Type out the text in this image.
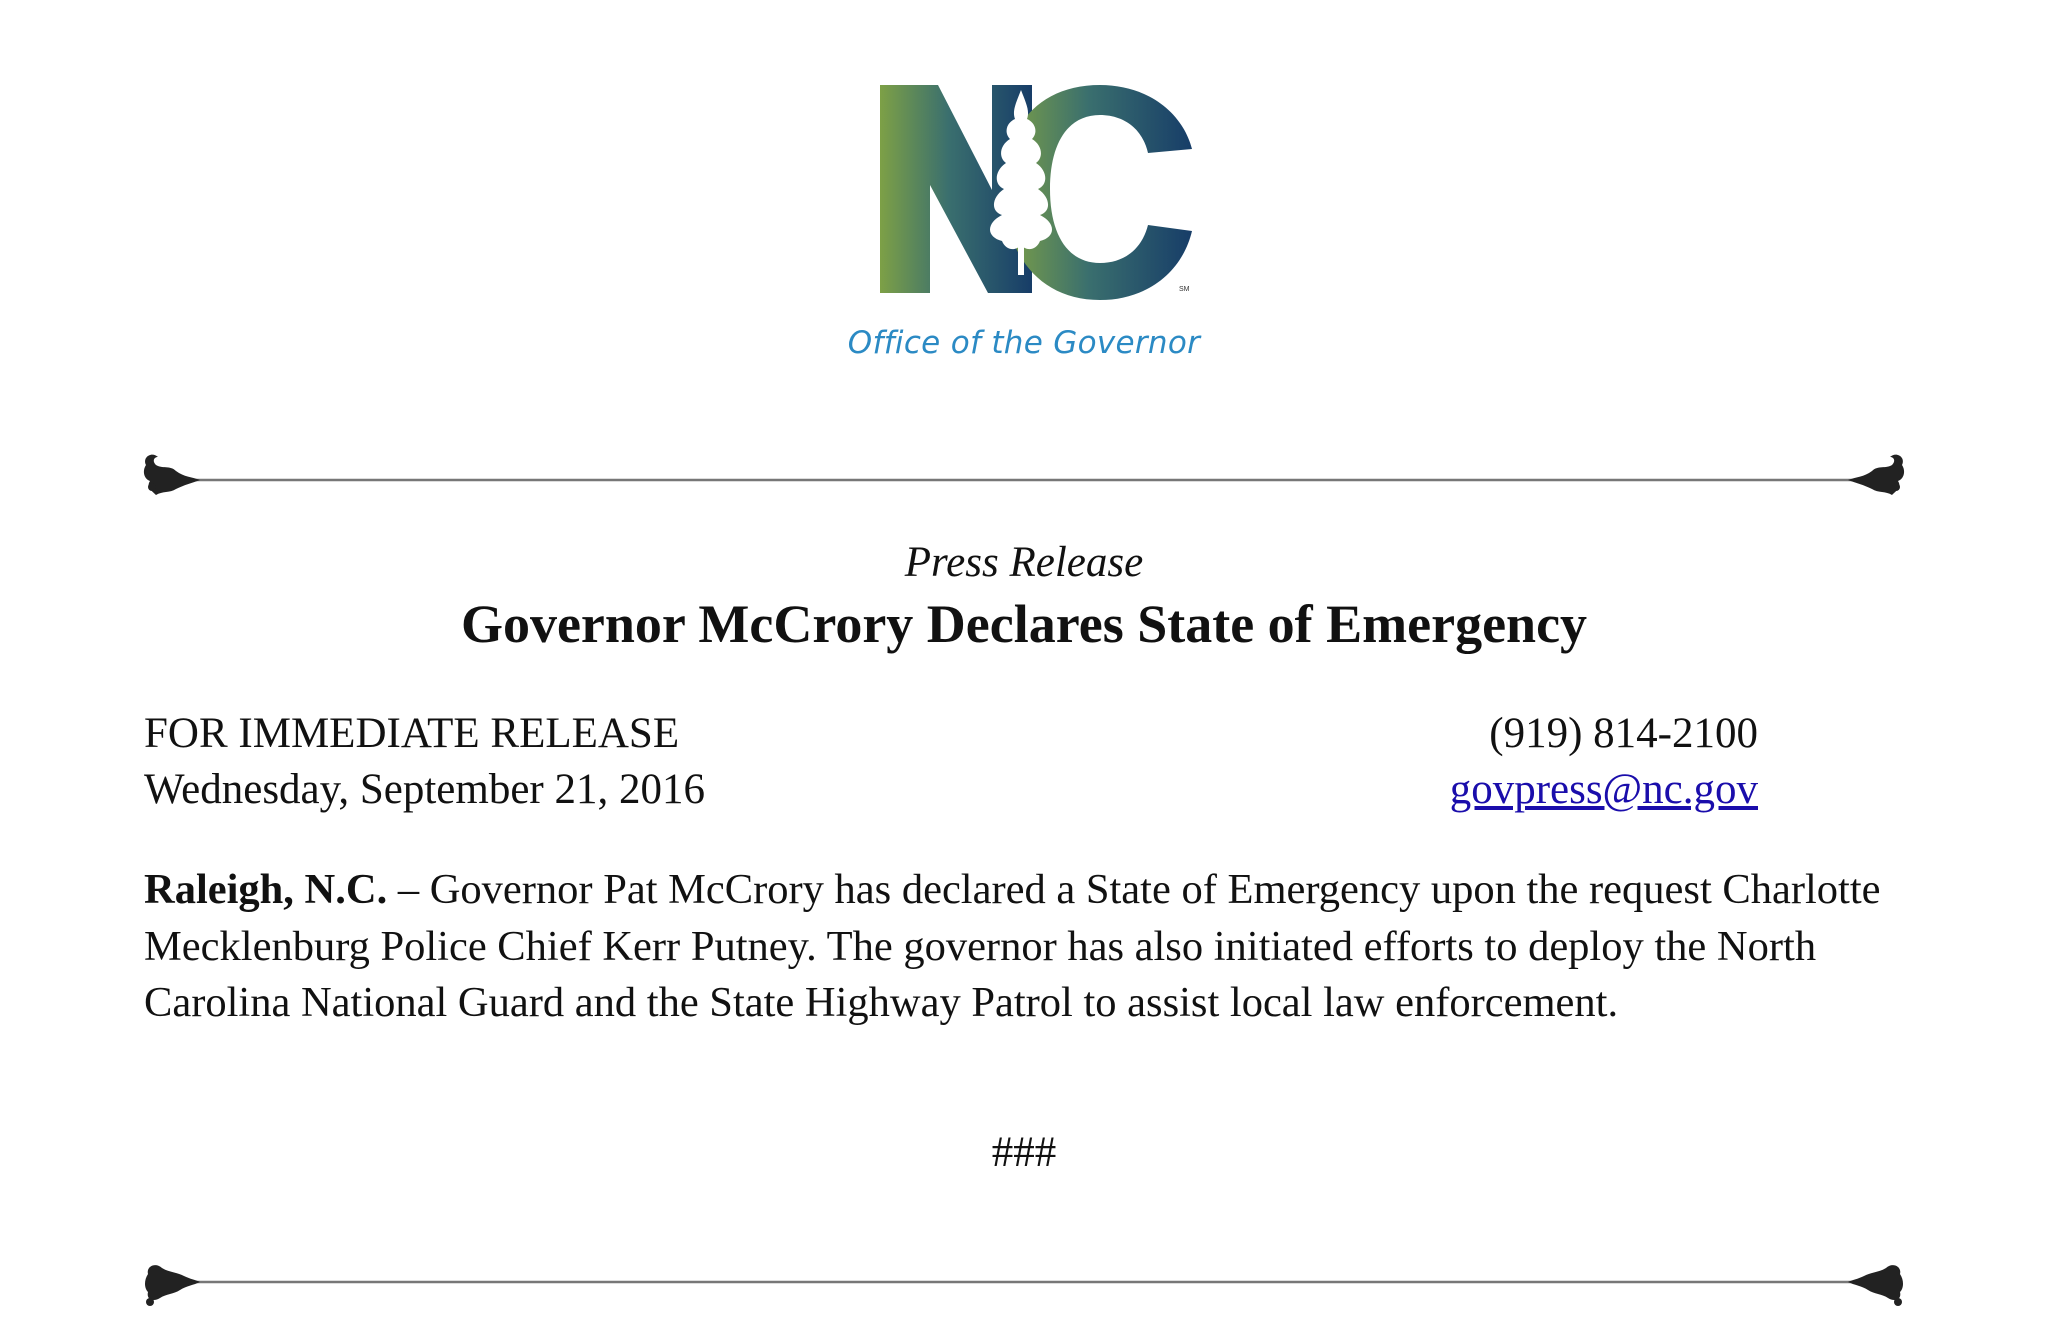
SM
Office of the Governor
Press Release
Governor McCrory Declares State of Emergency
FOR IMMEDIATE RELEASE
Wednesday, September 21, 2016
(919) 814-2100
govpress@nc.gov
Raleigh, N.C. – Governor Pat McCrory has declared a State of Emergency upon the request Charlotte Mecklenburg Police Chief Kerr Putney. The governor has also initiated efforts to deploy the North Carolina National Guard and the State Highway Patrol to assist local law enforcement.
###
